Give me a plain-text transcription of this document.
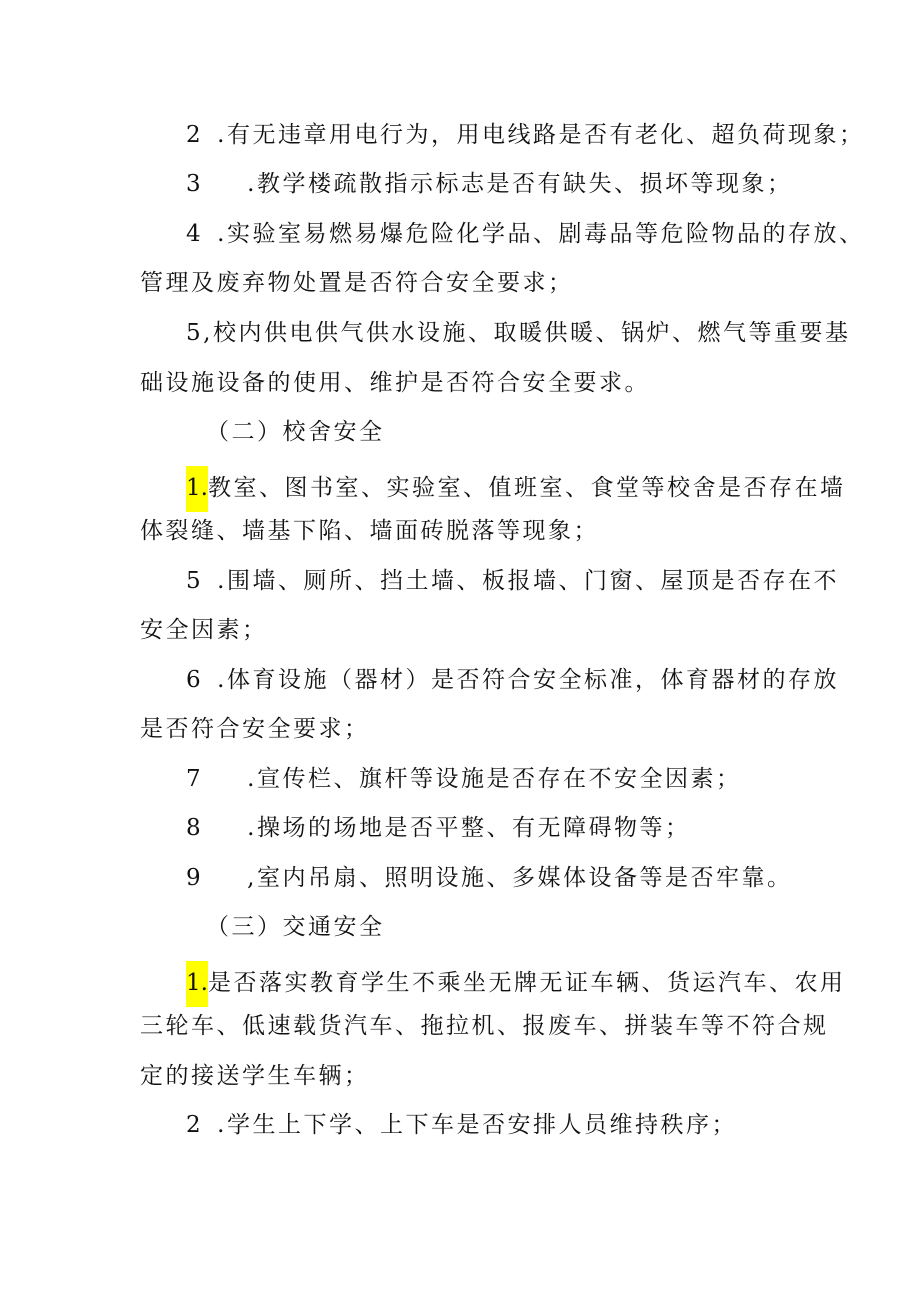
2 .有无违章用电行为，用电线路是否有老化、超负荷现象；
3 .教学楼疏散指示标志是否有缺失、损坏等现象；
4 .实验室易燃易爆危险化学品、剧毒品等危险物品的存放、
管理及废弃物处置是否符合安全要求；
5,校内供电供气供水设施、取暖供暖、锅炉、燃气等重要基
础设施设备的使用、维护是否符合安全要求。
（二）校舍安全
1.教室、图书室、实验室、值班室、食堂等校舍是否存在墙
体裂缝、墙基下陷、墙面砖脱落等现象；
5 .围墙、厕所、挡土墙、板报墙、门窗、屋顶是否存在不
安全因素；
6 .体育设施（器材）是否符合安全标准，体育器材的存放
是否符合安全要求；
7 .宣传栏、旗杆等设施是否存在不安全因素；
8 .操场的场地是否平整、有无障碍物等；
9 ,室内吊扇、照明设施、多媒体设备等是否牢靠。
（三）交通安全
1.是否落实教育学生不乘坐无牌无证车辆、货运汽车、农用
三轮车、低速载货汽车、拖拉机、报废车、拼装车等不符合规
定的接送学生车辆；
2 .学生上下学、上下车是否安排人员维持秩序；
